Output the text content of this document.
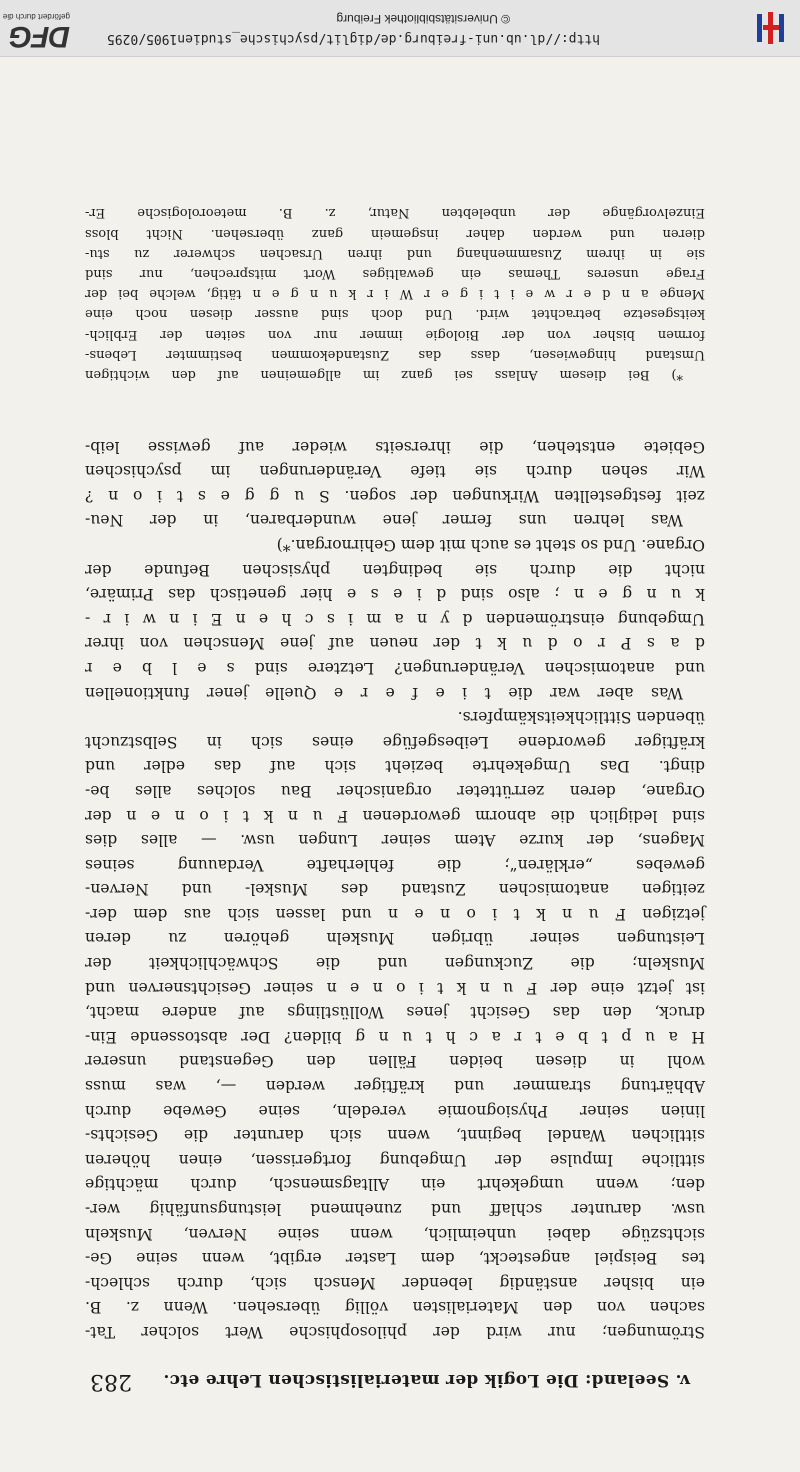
v. Seeland: Die Logik der materialistischen Lehre etc.
283
Strömungen; nur wird der philosophische Wert solcher Tat-
sachen von den Materialisten völlig übersehen. Wenn z. B.
ein bisher anständig lebender Mensch sich, durch schlech-
tes Beispiel angesteckt, dem Laster ergibt, wenn seine Ge-
sichtszüge dabei unheimlich, wenn seine Nerven, Muskeln
usw. darunter schlaff und zunehmend leistungsunfähig wer-
den; wenn umgekehrt ein Alltagsmensch, durch mächtige
sittliche Impulse der Umgebung fortgerissen, einen höheren
sittlichen Wandel beginnt, wenn sich darunter die Gesichts-
linien seiner Physiognomie veredeln, seine Gewebe durch
Abhärtung strammer und kräftiger werden —, was muss
wohl in diesen beiden Fällen den Gegenstand unserer
H a u p t b e t r a c h t u n g bilden? Der abstossende Ein-
druck, den das Gesicht jenes Wollüstlings auf andere macht,
ist jetzt eine der F u n k t i o n e n seiner Gesichtsnerven und
Muskeln; die Zuckungen und die Schwächlichkeit der
Leistungen seiner übrigen Muskeln gehören zu deren
jetzigen F u n k t i o n e n und lassen sich aus dem der-
zeitigen anatomischen Zustand des Muskel- und Nerven-
gewebes „erklären“; die fehlerhafte Verdauung seines
Magens, der kurze Atem seiner Lungen usw. — alles dies
sind lediglich die abnorm gewordenen F u n k t i o n e n der
Organe, deren zerrütteter organischer Bau solches alles be-
dingt. Das Umgekehrte bezieht sich auf das edler und
kräftiger gewordene Leibesgefüge eines sich in Selbstzucht
übenden Sittlichkeitskämpfers.
Was aber war die t i e f e r e Quelle jener funktionellen
und anatomischen Veränderungen? Letztere sind s e l b e r
d a s P r o d u k t der neuen auf jene Menschen von ihrer
Umgebung einströmenden d y n a m i s c h e n E i n w i r -
k u n g e n ; also sind d i e s e hier genetisch das Primäre,
nicht die durch sie bedingten physischen Befunde der
Organe. Und so steht es auch mit dem Gehirnorgan.*)
Was lehren uns ferner jene wunderbaren, in der Neu-
zeit festgestellten Wirkungen der sogen. S u g g e s t i o n ?
Wir sehen durch sie tiefe Veränderungen im psychischen
Gebiete entstehen, die ihrerseits wieder auf gewisse leib-
*) Bei diesem Anlass sei ganz im allgemeinen auf den wichtigen
Umstand hingewiesen, dass das Zustandekommen bestimmter Lebens-
formen bisher von der Biologie immer nur von seiten der Erblich-
keitsgesetze betrachtet wird. Und doch sind ausser diesen noch eine
Menge a n d e r w e i t i g e r W i r k u n g e n tätig, welche bei der
Frage unseres Themas ein gewaltiges Wort mitsprechen, nur sind
sie in ihrem Zusammenhang und ihren Ursachen schwerer zu stu-
dieren und werden daher insgemein ganz übersehen. Nicht bloss
Einzelvorgänge der unbelebten Natur, z. B. meteorologische Er-
http://dl.ub.uni-freiburg.de/diglit/psychische_studien1905/0295
© Universitätsbibliothek Freiburg
DFG
gefördert durch die
